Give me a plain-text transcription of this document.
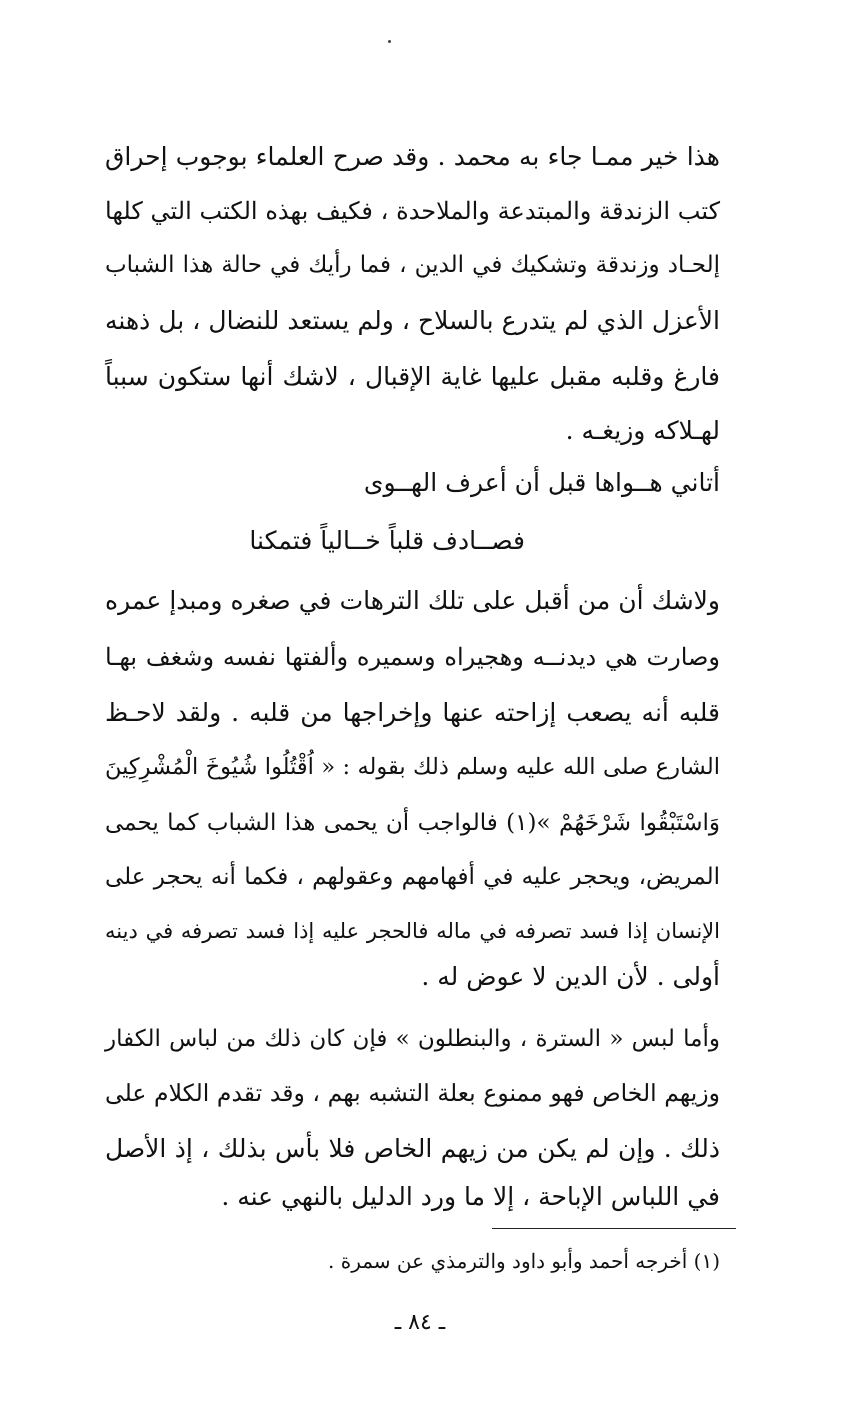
هذا خير ممـا جاء به محمد . وقد صرح العلماء بوجوب إحراق
كتب الزندقة والمبتدعة والملاحدة ، فكيف بهذه الكتب التي كلها
إلحـاد وزندقة وتشكيك في الدين ، فما رأيك في حالة هذا الشباب
الأعزل الذي لم يتدرع بالسلاح ، ولم يستعد للنضال ، بل ذهنه
فارغ وقلبه مقبل عليها غاية الإقبال ، لاشك أنها ستكون سبباً
لهـلاكه وزيغـه .
أتاني هــواها قبل أن أعرف الهــوى
فصــادف قلباً خــالياً فتمكنا
ولاشك أن من أقبل على تلك الترهات في صغره ومبدإ عمره
وصارت هي ديدنــه وهجيراه وسميره وألفتها نفسه وشغف بهـا
قلبه أنه يصعب إزاحته عنها وإخراجها من قلبه . ولقد لاحـظ
الشارع صلى الله عليه وسلم ذلك بقوله : « اُقْتُلُوا شُيُوخَ الْمُشْرِكِينَ
وَاسْتَبْقُوا شَرْخَهُمْ »(١) فالواجب أن يحمى هذا الشباب كما يحمى
المريض، ويحجر عليه في أفهامهم وعقولهم ، فكما أنه يحجر على
الإنسان إذا فسد تصرفه في ماله فالحجر عليه إذا فسد تصرفه في دينه
أولى . لأن الدين لا عوض له .
وأما لبس « السترة ، والبنطلون » فإن كان ذلك من لباس الكفار
وزيهم الخاص فهو ممنوع بعلة التشبه بهم ، وقد تقدم الكلام على
ذلك . وإن لم يكن من زيهم الخاص فلا بأس بذلك ، إذ الأصل
في اللباس الإباحة ، إلا ما ورد الدليل بالنهي عنه .
(١) أخرجه أحمد وأبو داود والترمذي عن سمرة .
ـ ٨٤ ـ
